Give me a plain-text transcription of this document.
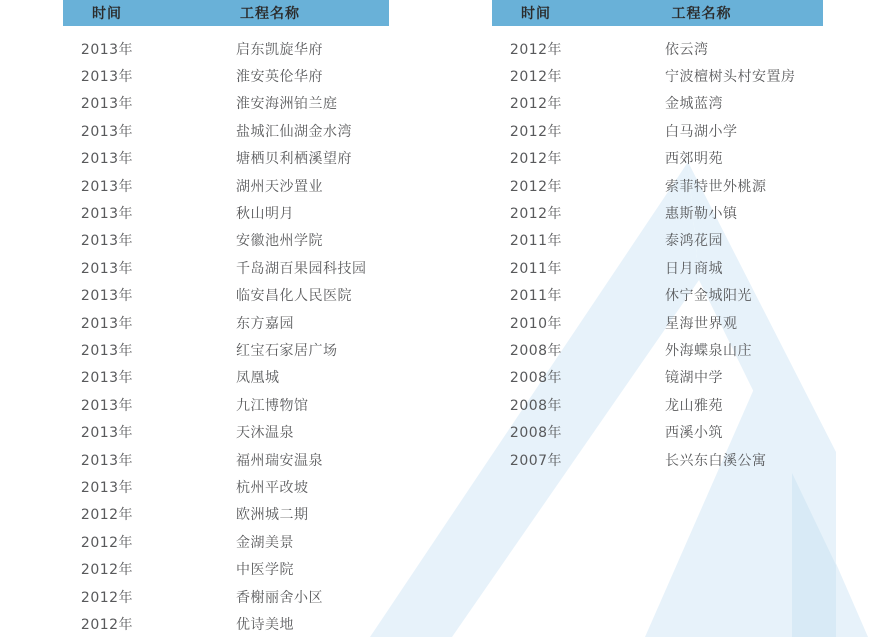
时间	工程名称
2013年	启东凯旋华府
2013年	淮安英伦华府
2013年	淮安海洲铂兰庭
2013年	盐城汇仙湖金水湾
2013年	塘栖贝利栖溪望府
2013年	湖州天沙置业
2013年	秋山明月
2013年	安徽池州学院
2013年	千岛湖百果园科技园
2013年	临安昌化人民医院
2013年	东方嘉园
2013年	红宝石家居广场
2013年	凤凰城
2013年	九江博物馆
2013年	天沐温泉
2013年	福州瑞安温泉
2013年	杭州平改坡
2012年	欧洲城二期
2012年	金湖美景
2012年	中医学院
2012年	香榭丽舍小区
2012年	优诗美地
时间	工程名称
2012年	依云湾
2012年	宁波檀树头村安置房
2012年	金城蓝湾
2012年	白马湖小学
2012年	西郊明苑
2012年	索菲特世外桃源
2012年	惠斯勒小镇
2011年	泰鸿花园
2011年	日月商城
2011年	休宁金城阳光
2010年	星海世界观
2008年	外海蝶泉山庄
2008年	镜湖中学
2008年	龙山雅苑
2008年	西溪小筑
2007年	长兴东白溪公寓
